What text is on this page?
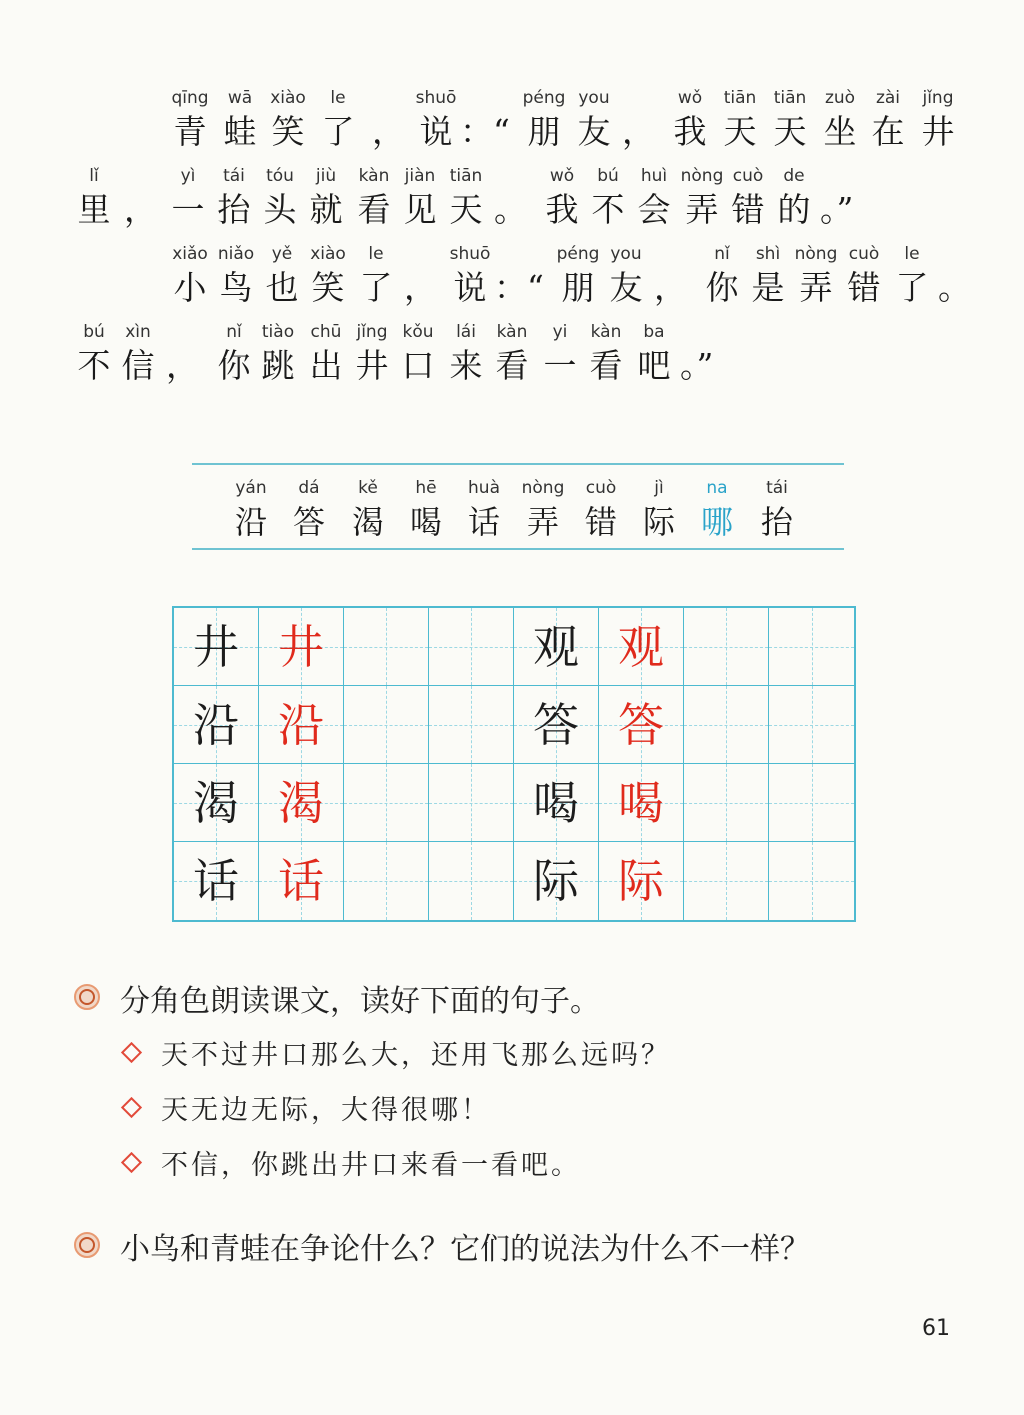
qīng
青
wā
蛙
xiào
笑
le
了 ，
shuō
说 ：“
péng
朋
you
友 ，
wǒ
我
tiān
天
tiān
天
zuò
坐
zài
在
jǐng
井
lǐ
里 ，
yì
一
tái
抬
tóu
头
jiù
就
kàn
看
jiàn
见
tiān
天 。
wǒ
我
bú
不
huì
会
nòng
弄
cuò
错
de
的 。”
xiǎo
小
niǎo
鸟
yě
也
xiào
笑
le
了 ，
shuō
说 ：“
péng
朋
you
友 ，
nǐ
你
shì
是
nòng
弄
cuò
错
le
了 。
bú
不
xìn
信 ，
nǐ
你
tiào
跳
chū
出
jǐng
井
kǒu
口
lái
来
kàn
看
yi
一
kàn
看
ba
吧 。”
yán
沿
dá
答
kě
渴
hē
喝
huà
话
nòng
弄
cuò
错
jì
际
na
哪
tái
抬
井 井	观 观
沿 沿	答 答
渴 渴	喝 喝
话 话	际 际
分角色朗读课文，读好下面的句子。
天不过井口那么大，还用飞那么远吗？
天无边无际，大得很哪！
不信，你跳出井口来看一看吧。
小鸟和青蛙在争论什么？它们的说法为什么不一样？
61
